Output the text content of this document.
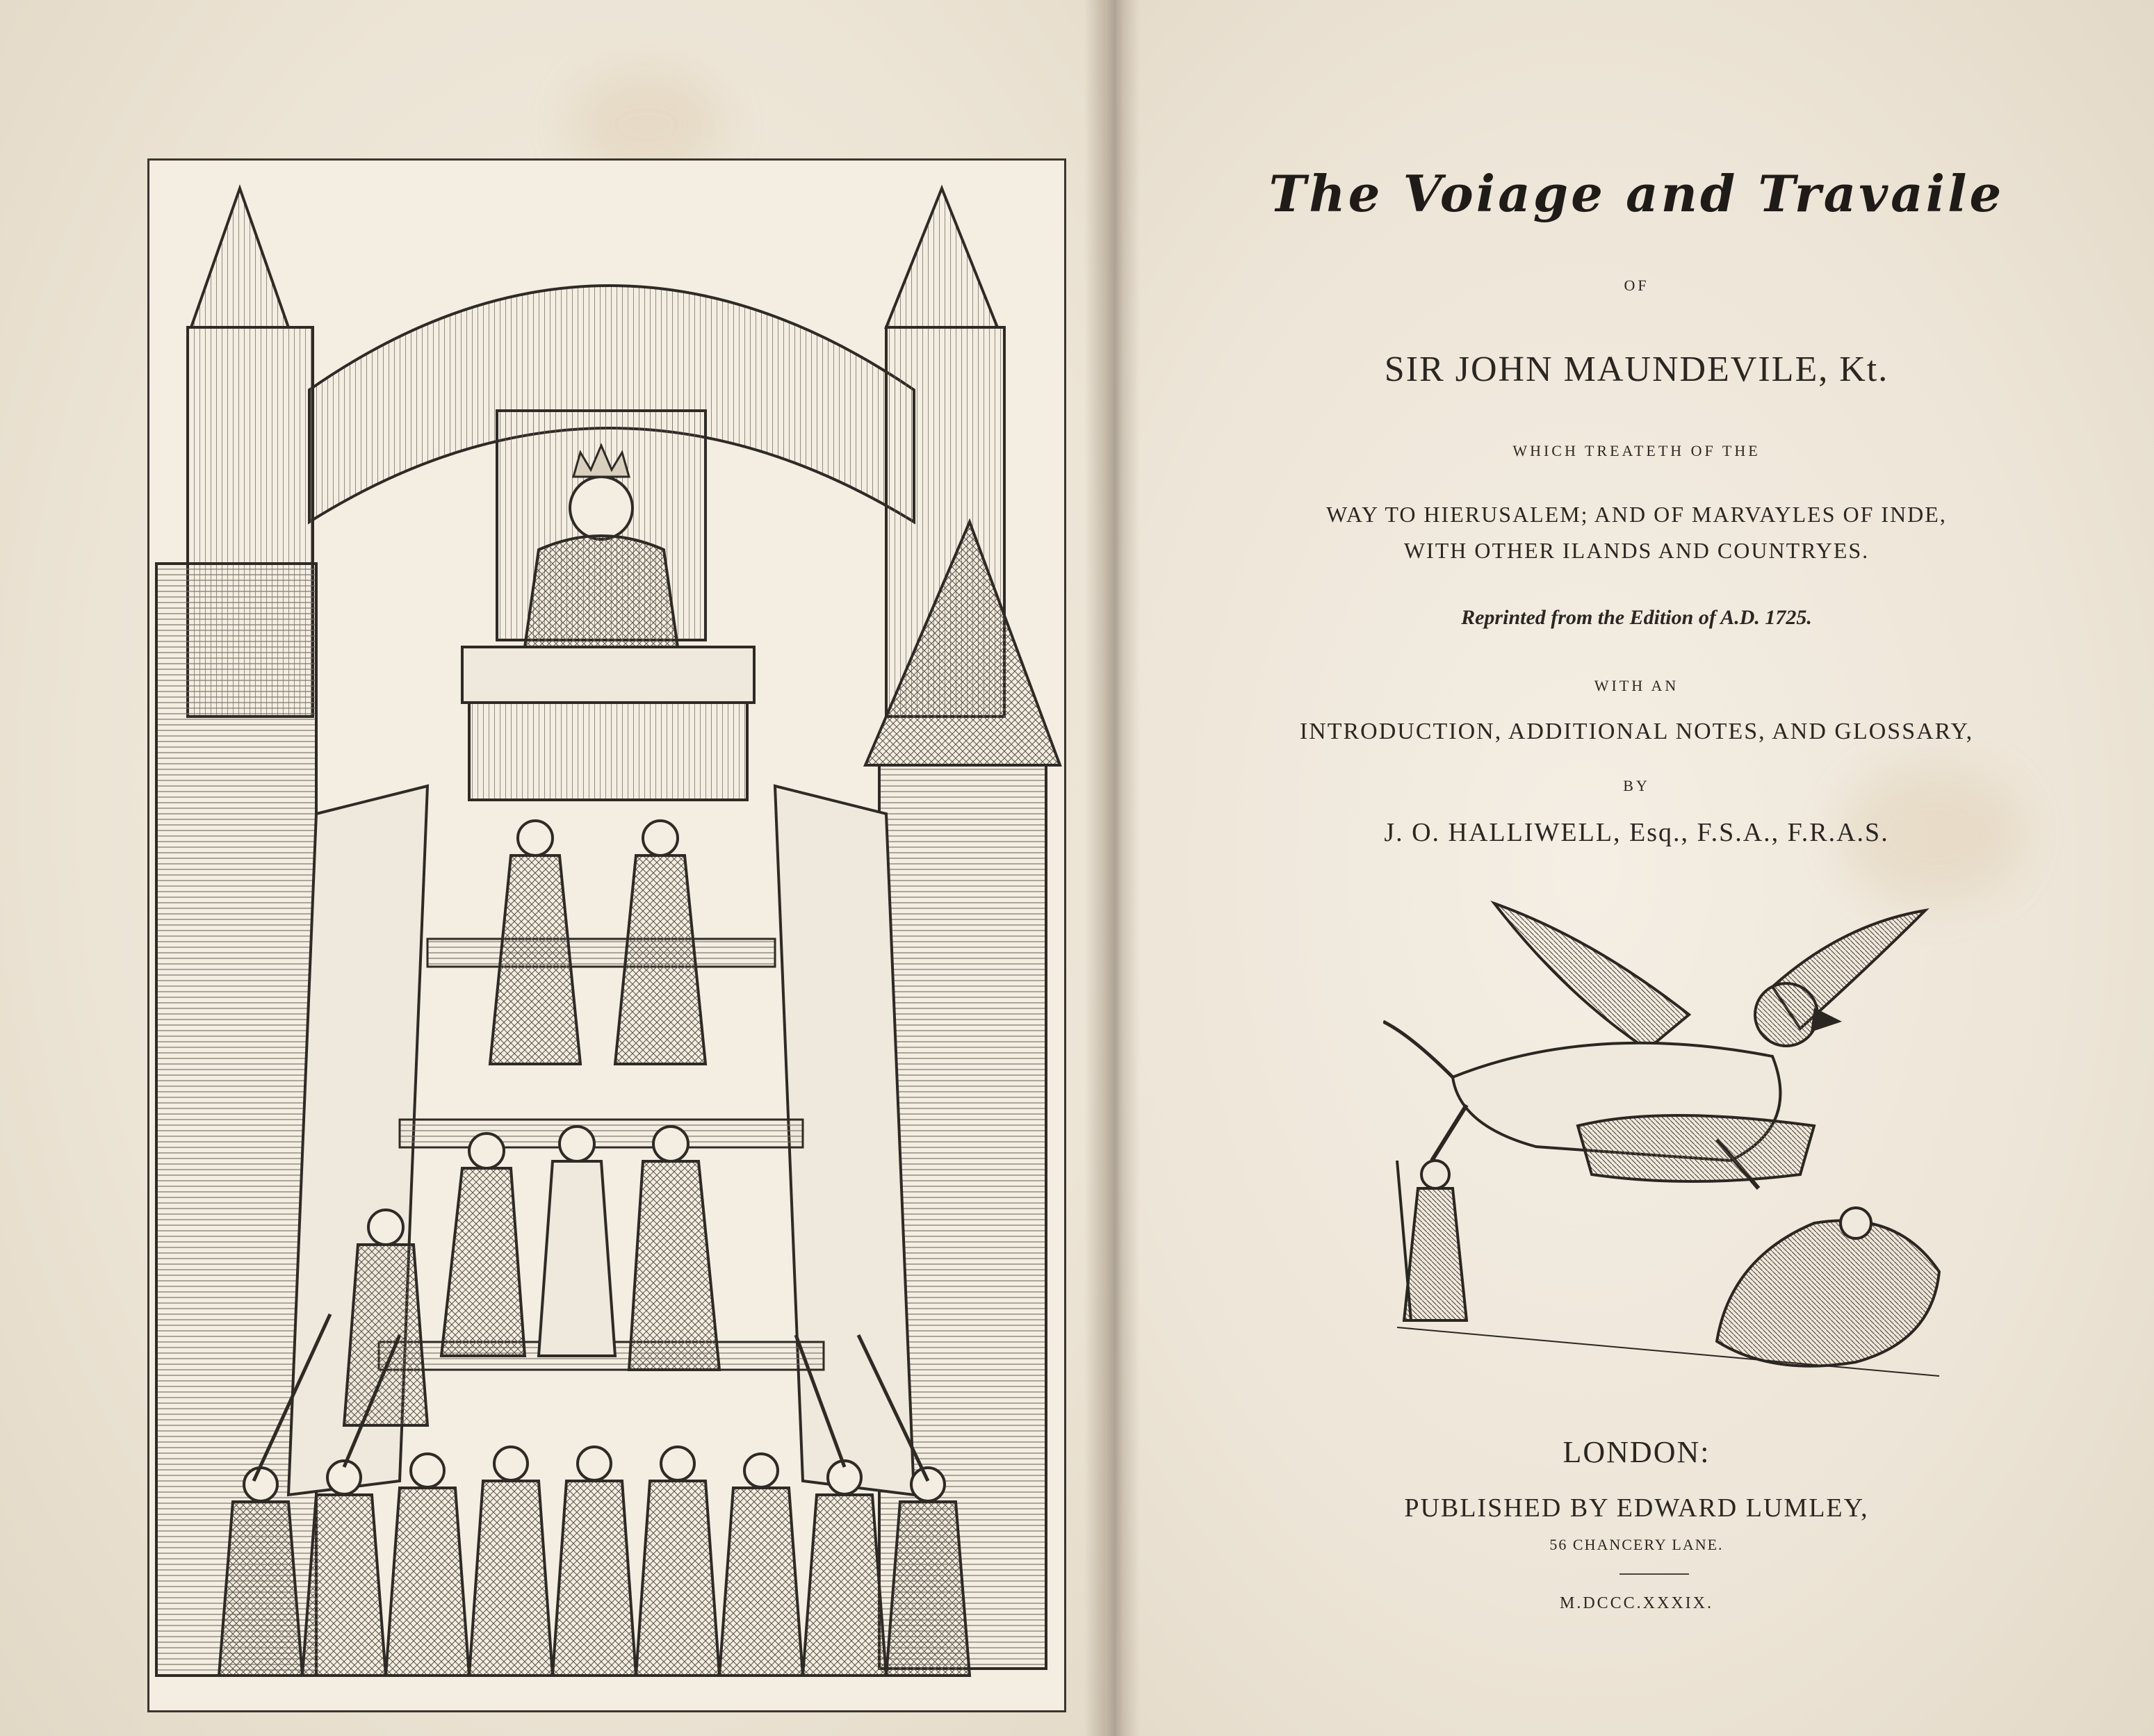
The Voiage and Travaile
OF
SIR JOHN MAUNDEVILE, Kt.
WHICH TREATETH OF THE
WAY TO HIERUSALEM; AND OF MARVAYLES OF INDE,
WITH OTHER ILANDS AND COUNTRYES.
Reprinted from the Edition of A.D. 1725.
WITH AN
INTRODUCTION, ADDITIONAL NOTES, AND GLOSSARY,
BY
J. O. HALLIWELL, Esq., F.S.A., F.R.A.S.
LONDON:
PUBLISHED BY EDWARD LUMLEY,
56 CHANCERY LANE.
M.DCCC.XXXIX.
